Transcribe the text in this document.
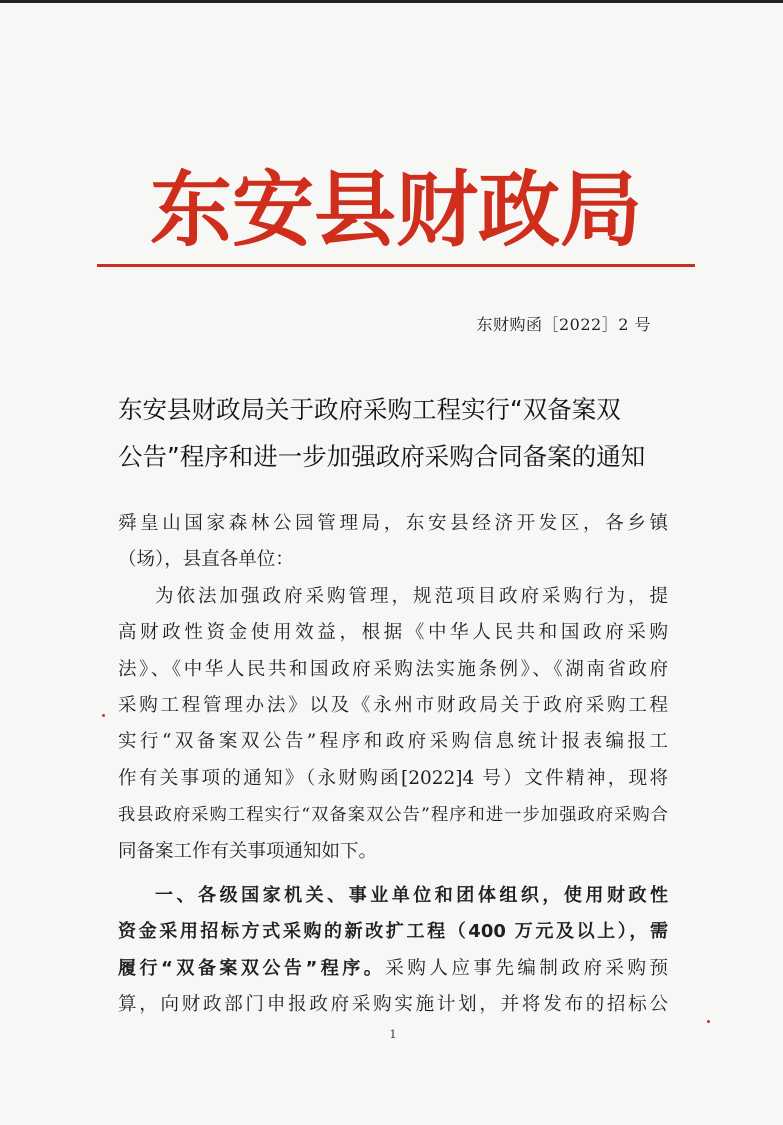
东安县财政局
东财购函［2022］2 号
东安县财政局关于政府采购工程实行“双备案双
公告”程序和进一步加强政府采购合同备案的通知
舜皇山国家森林公园管理局，东安县经济开发区，各乡镇
（场），县直各单位：
为依法加强政府采购管理，规范项目政府采购行为，提
高财政性资金使用效益，根据《中华人民共和国政府采购
法》、《中华人民共和国政府采购法实施条例》、《湖南省政府
采购工程管理办法》以及《永州市财政局关于政府采购工程
实行“双备案双公告”程序和政府采购信息统计报表编报工
作有关事项的通知》（永财购函[2022]4 号）文件精神，现将
我县政府采购工程实行“双备案双公告”程序和进一步加强政府采购合
同备案工作有关事项通知如下。
一、各级国家机关、事业单位和团体组织，使用财政性
资金采用招标方式采购的新改扩工程（400 万元及以上），需
履行“双备案双公告”程序。采购人应事先编制政府采购预
算，向财政部门申报政府采购实施计划，并将发布的招标公
1
